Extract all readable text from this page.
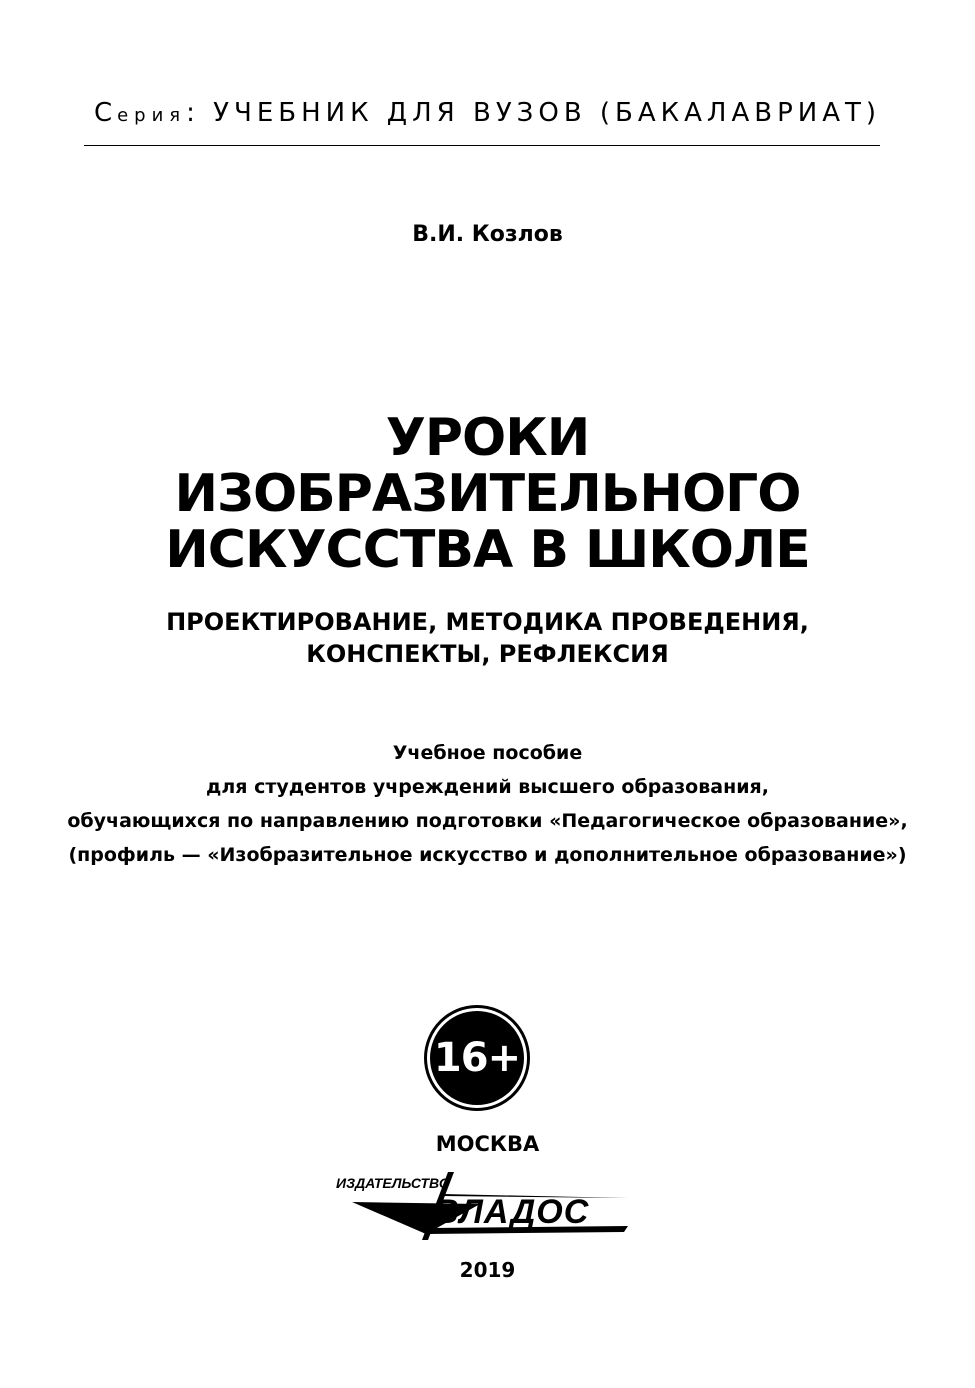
Серия: УЧЕБНИК ДЛЯ ВУЗОВ (БАКАЛАВРИАТ)
В.И. Козлов
УРОКИ
ИЗОБРАЗИТЕЛЬНОГО
ИСКУССТВА В ШКОЛЕ
ПРОЕКТИРОВАНИЕ, МЕТОДИКА ПРОВЕДЕНИЯ,
КОНСПЕКТЫ, РЕФЛЕКСИЯ
Учебное пособие
для студентов учреждений высшего образования,
обучающихся по направлению подготовки «Педагогическое образование»,
(профиль — «Изобразительное искусство и дополнительное образование»)
16+
МОСКВА
ИЗДАТЕЛЬСТВО
ВЛАДОС
2019
